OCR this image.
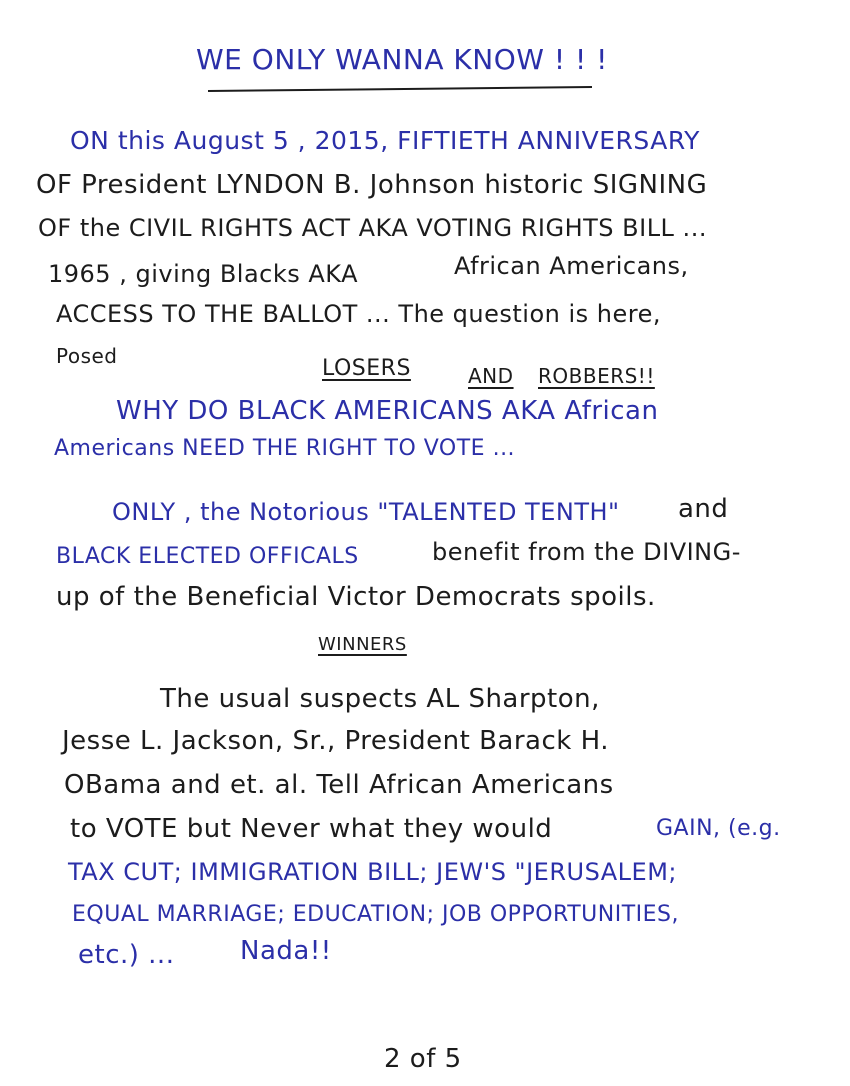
WE ONLY WANNA KNOW ! ! !
ON this August 5 , 2015, FIFTIETH ANNIVERSARY
OF President LYNDON B. Johnson historic SIGNING
OF the CIVIL RIGHTS ACT AKA VOTING RIGHTS BILL ...
1965 , giving Blacks AKA	African Americans,
ACCESS TO THE BALLOT ... The question is here,
Posed	LOSERS	AND ROBBERS!!
WHY DO BLACK AMERICANS AKA African
Americans NEED THE RIGHT TO VOTE ...
ONLY , the Notorious "TALENTED TENTH" and
BLACK ELECTED OFFICALS	benefit from the DIVING-
up of the Beneficial Victor Democrats spoils.
WINNERS
The usual suspects AL Sharpton,
Jesse L. Jackson, Sr., President Barack H.
OBama and et. al. Tell African Americans
to VOTE but Never what they would	GAIN, (e.g.
TAX CUT; IMMIGRATION BILL; JEW'S "JERUSALEM;
EQUAL MARRIAGE; EDUCATION; JOB OPPORTUNITIES,
etc.) ...	Nada!!
2 of 5
